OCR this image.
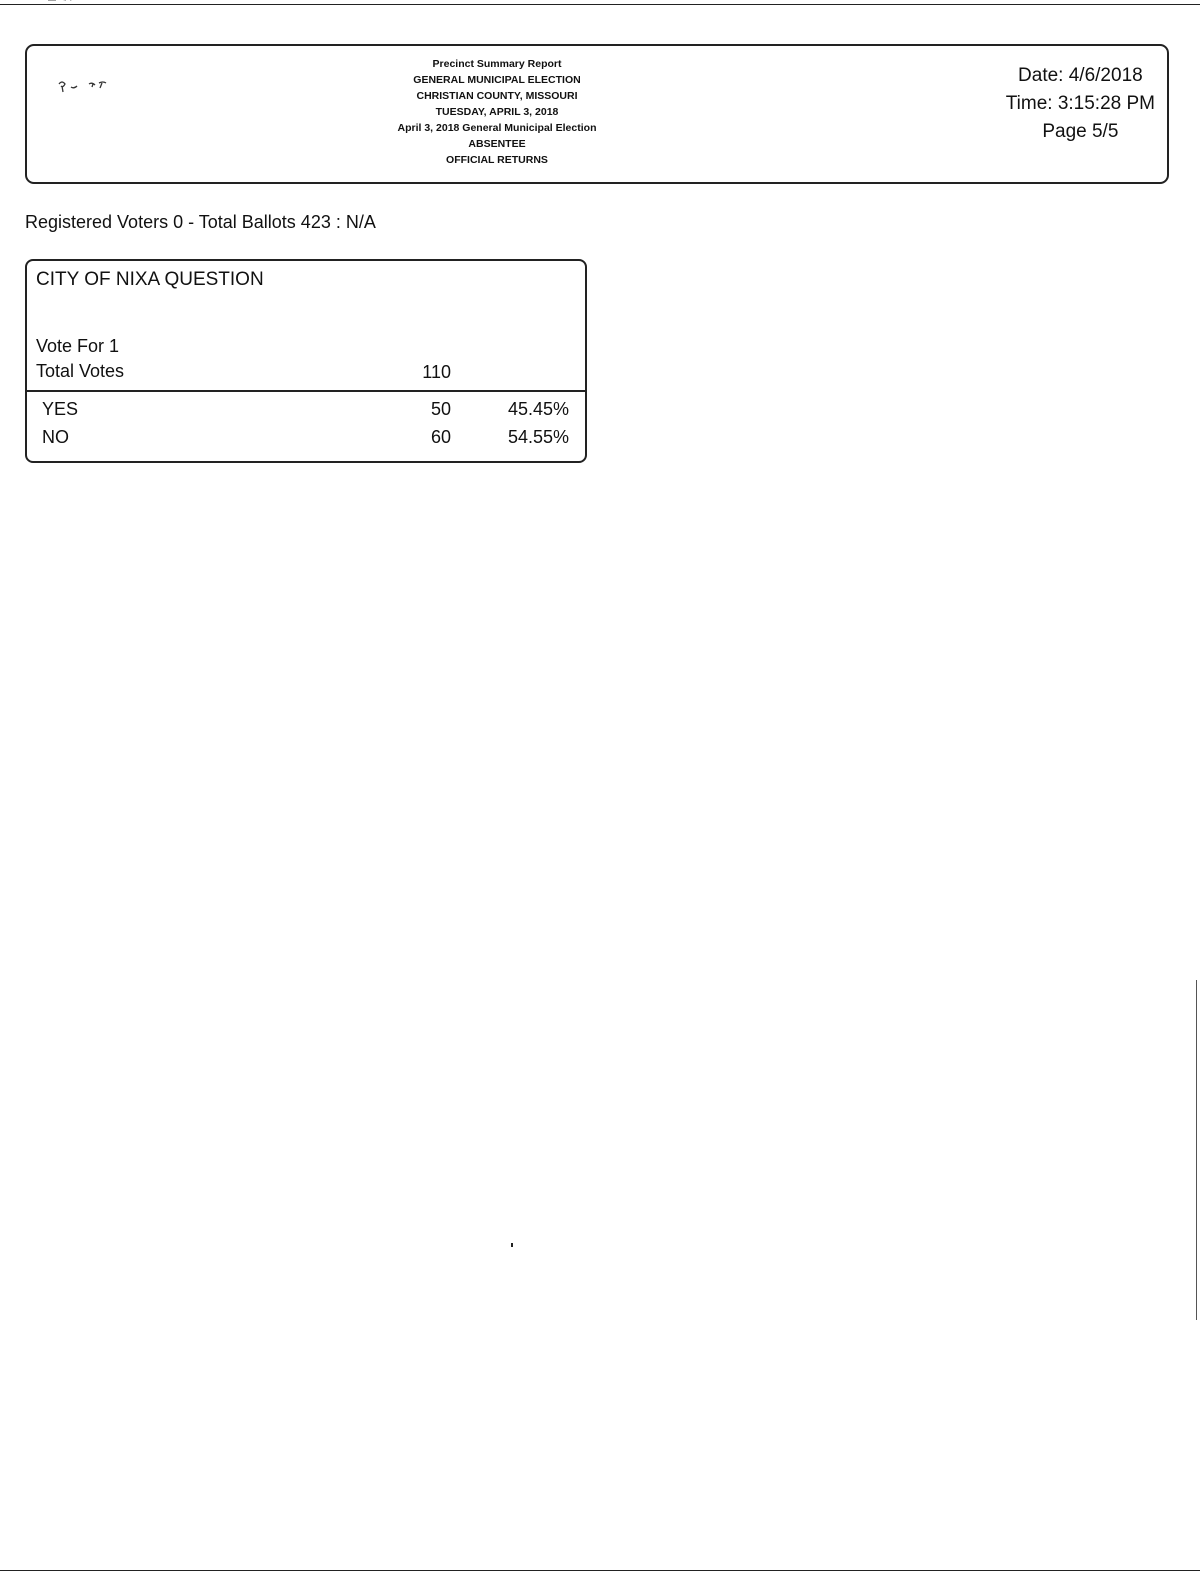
Precinct Summary Report
GENERAL MUNICIPAL ELECTION
CHRISTIAN COUNTY, MISSOURI
TUESDAY, APRIL 3, 2018
April 3, 2018 General Municipal Election
ABSENTEE
OFFICIAL RETURNS
Date: 4/6/2018
Time: 3:15:28 PM
Page 5/5
Registered Voters 0 - Total Ballots 423 : N/A
CITY OF NIXA QUESTION
Vote For 1
Total Votes	110
YES	50	45.45%
NO	60	54.55%
